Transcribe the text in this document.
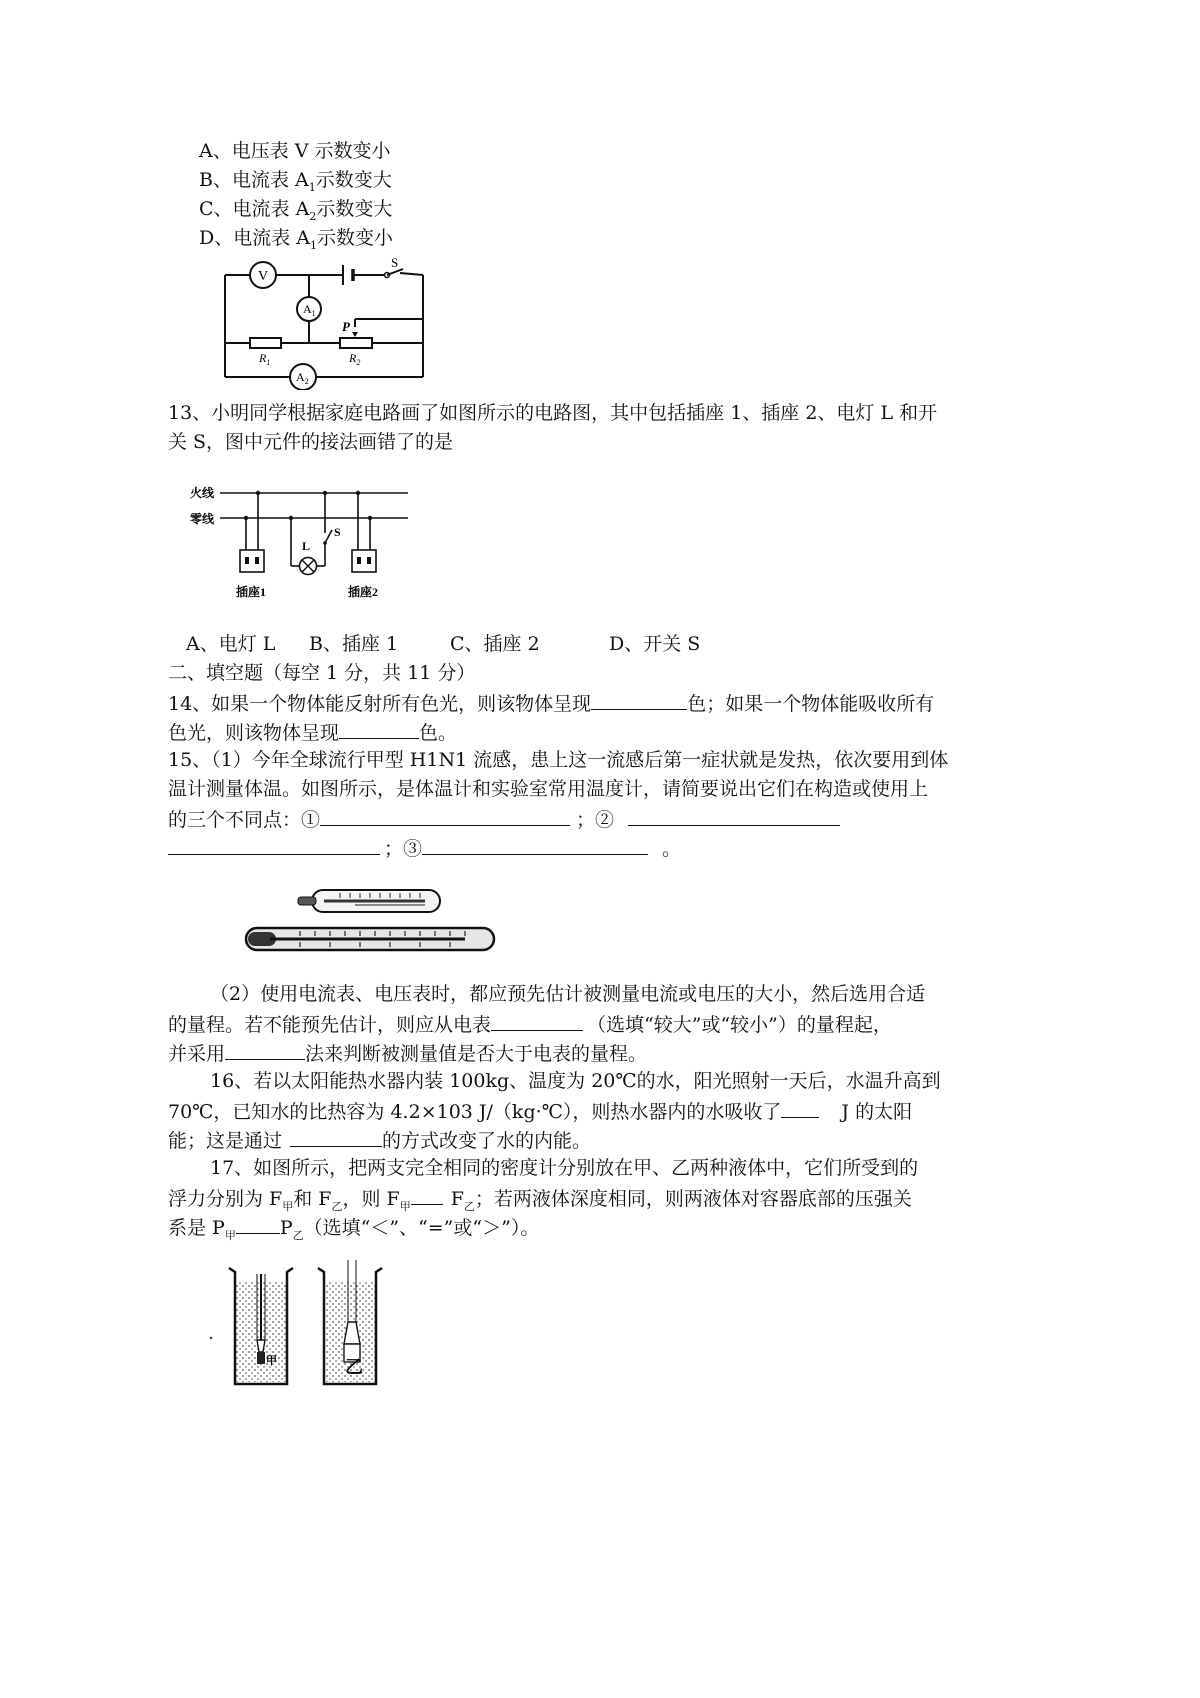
A、电压表 V 示数变小
B、电流表 $A_1$示数变大
C、电流表 $A_2$示数变大
D、电流表 $A_1$示数变小
S
V
$A_1$
$A_2$
$R_1$
P
$R_2$
13、小明同学根据家庭电路画了如图所示的电路图，其中包括插座 1、插座 2、电灯 L 和开
关 S，图中元件的接法画错了的是
火线
零线
S
L
插座1	插座2
A、电灯 L B、插座 1	C、插座 2	D、开关 S
二、填空题（每空 1 分，共 11 分）
14、如果一个物体能反射所有色光，则该物体呈现	色；如果一个物体能吸收所有
色光，则该物体呈现	色。
15、（1）今年全球流行甲型 H1N1 流感，患上这一流感后第一症状就是发热，依次要用到体
温计测量体温。如图所示，是体温计和实验室常用温度计，请简要说出它们在构造或使用上
的三个不同点：①	；②
；③	。
（2）使用电流表、电压表时，都应预先估计被测量电流或电压的大小，然后选用合适
的量程。若不能预先估计，则应从电表	（选填“较大”或“较小”）的量程起，
并采用	法来判断被测量值是否大于电表的量程。
16、若以太阳能热水器内装 100kg、温度为 20℃的水，阳光照射一天后，水温升高到
70℃，已知水的比热容为 4.2×103 J/（kg·℃），则热水器内的水吸收了	J 的太阳
能；这是通过	的方式改变了水的内能。
17、如图所示，把两支完全相同的密度计分别放在甲、乙两种液体中，它们所受到的
浮力分别为 $F_甲$和 $F_乙$，则 $F_甲$ $F_乙$；若两液体深度相同，则两液体对容器底部的压强关
系是 $P_甲$ $P_乙$（选填“＜”、“=”或“＞”）。
甲	乙
